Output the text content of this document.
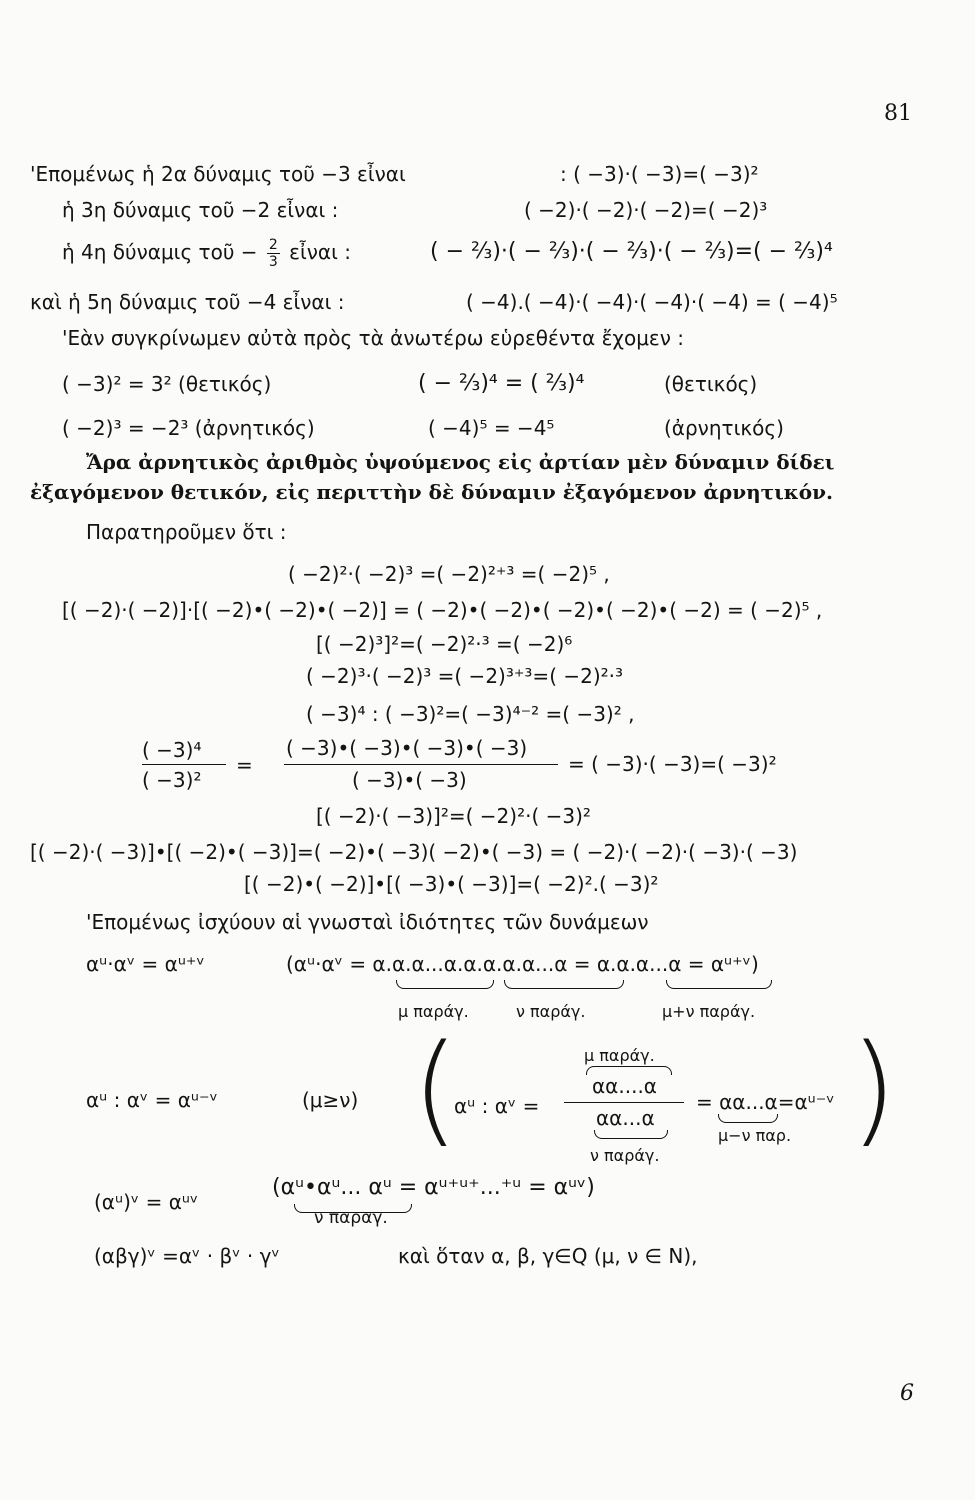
81
'Επομένως ἡ 2α δύναμις τοῦ −3 εἶναι	: ( −3)·( −3)=( −3)²
ἡ 3η δύναμις τοῦ −2 εἶναι :	( −2)·( −2)·( −2)=( −2)³
ἡ 4η δύναμις τοῦ − $\frac{2}{3}$ εἶναι :	( − ⅔)·( − ⅔)·( − ⅔)·( − ⅔)=( − ⅔)⁴
καὶ ἡ 5η δύναμις τοῦ −4 εἶναι :	( −4).( −4)·( −4)·( −4)·( −4) = ( −4)⁵
'Εὰν συγκρίνωμεν αὐτὰ πρὸς τὰ ἀνωτέρω εὑρεθέντα ἔχομεν :
( −3)² = 3² (θετικός)	( − ⅔)⁴ = ( ⅔)⁴	(θετικός)
( −2)³ = −2³ (ἀρνητικός)	( −4)⁵ = −4⁵	(ἀρνητικός)
Ἄρα ἀρνητικὸς ἀριθμὸς ὑψούμενος εἰς ἀρτίαν μὲν δύναμιν δίδει
ἐξαγόμενον θετικόν, εἰς περιττὴν δὲ δύναμιν ἐξαγόμενον ἀρνητικόν.
Παρατηροῦμεν ὅτι :
( −2)²·( −2)³ =( −2)²⁺³ =( −2)⁵ ,
[( −2)·( −2)]·[( −2)•( −2)•( −2)] = ( −2)•( −2)•( −2)•( −2)•( −2) = ( −2)⁵ ,
[( −2)³]²=( −2)²·³ =( −2)⁶
( −2)³·( −2)³ =( −2)³⁺³=( −2)²·³
( −3)⁴ : ( −3)²=( −3)⁴⁻² =( −3)² ,
( −3)⁴
( −3)²
=
( −3)•( −3)•( −3)•( −3)
( −3)•( −3)
= ( −3)·( −3)=( −3)²
[( −2)·( −3)]²=( −2)²·( −3)²
[( −2)·( −3)]•[( −2)•( −3)]=( −2)•( −3)( −2)•( −3) = ( −2)·( −2)·( −3)·( −3)
[( −2)•( −2)]•[( −3)•( −3)]=( −2)².( −3)²
'Επομένως ἰσχύουν αἱ γνωσταὶ ἰδιότητες τῶν δυνάμεων
αᵘ·αᵛ = αᵘ⁺ᵛ	(αᵘ·αᵛ = α.α.α...α.α.α.α.α...α = α.α.α...α = αᵘ⁺ᵛ)
μ παράγ.	ν παράγ.	μ+ν παράγ.
αᵘ : αᵛ = αᵘ⁻ᵛ	(μ≥ν) (	)
μ παράγ.
αᵘ : αᵛ =
αα....α
αα...α
ν παράγ.
= αα...α=αᵘ⁻ᵛ
μ−ν παρ.
(αᵘ)ᵛ = αᵘᵛ
(αᵘ•αᵘ... αᵘ = αᵘ⁺ᵘ⁺...⁺ᵘ = αᵘᵛ)
ν παραγ.
(αβγ)ᵛ =αᵛ · βᵛ · γᵛ	καὶ ὅταν α, β, γ∈Q (μ, ν ∈ N),
6
